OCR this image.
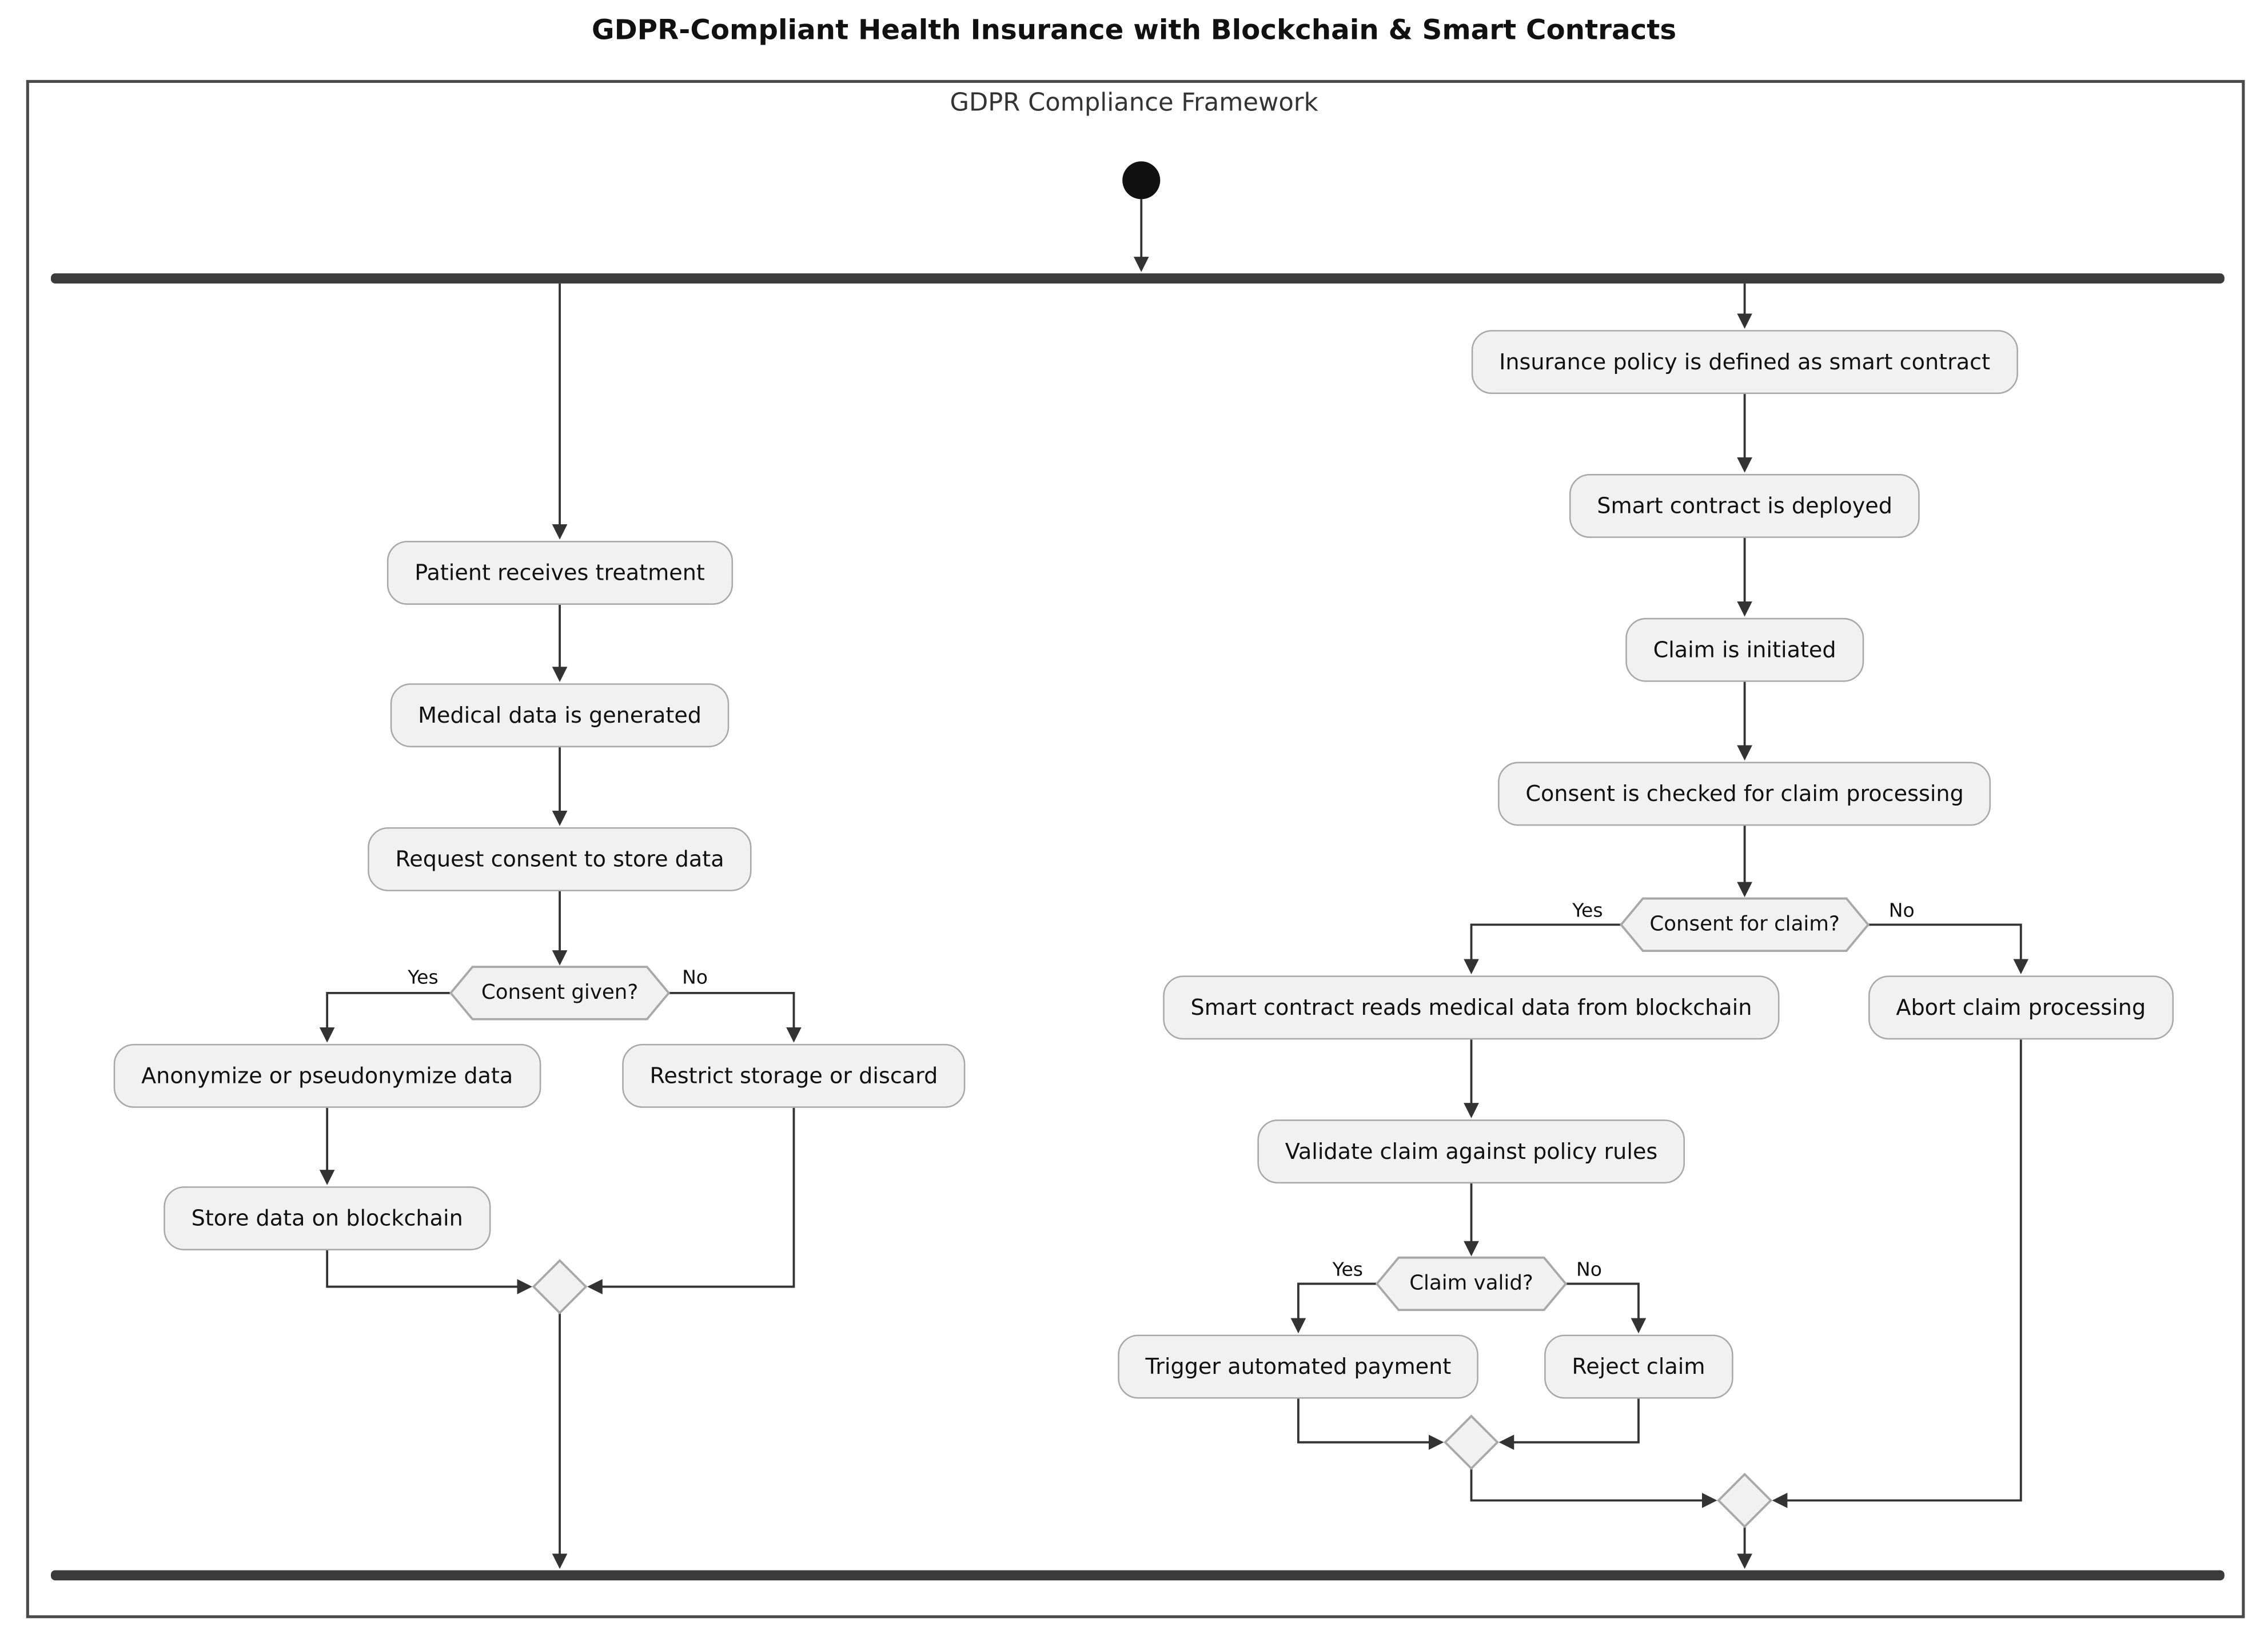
GDPR-Compliant Health Insurance with Blockchain & Smart Contracts
GDPR Compliance Framework
Patient receives treatment
Medical data is generated
Request consent to store data
Anonymize or pseudonymize data	Restrict storage or discard
Store data on blockchain
Insurance policy is defined as smart contract
Smart contract is deployed
Claim is initiated
Consent is checked for claim processing
Smart contract reads medical data from blockchain	Abort claim processing
Validate claim against policy rules
Trigger automated payment	Reject claim
Consent given?
Consent for claim?
Claim valid?
Yes	No
Yes	No
Yes	No
